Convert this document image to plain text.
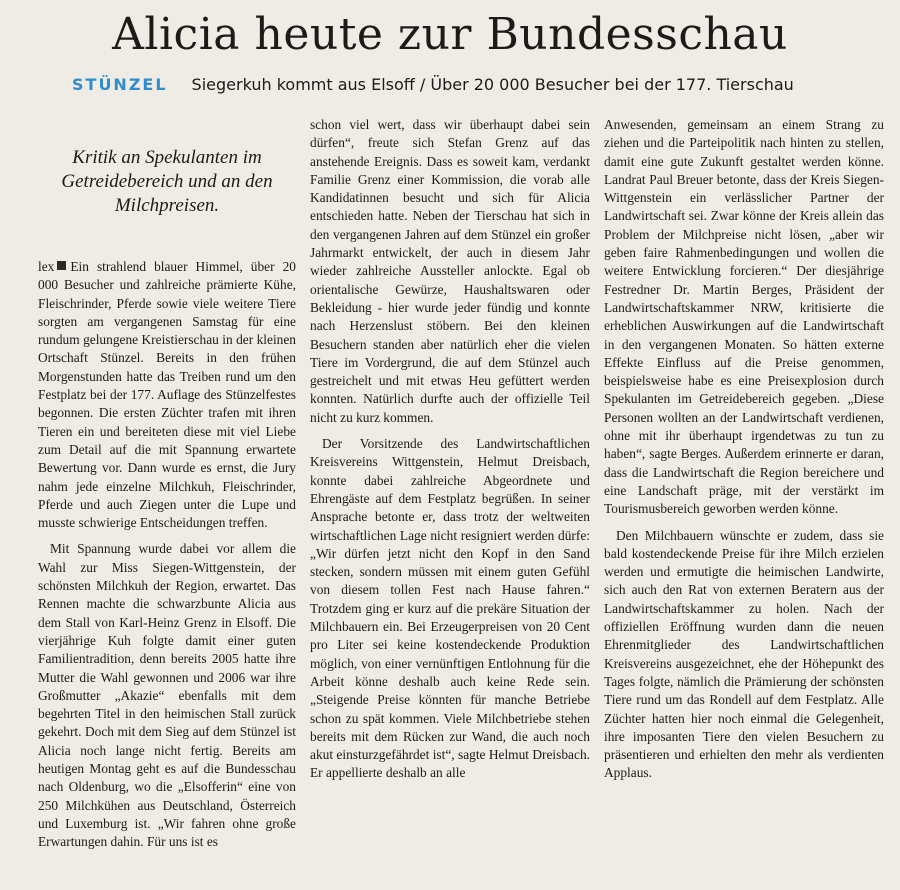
Alicia heute zur Bundesschau
STÜNZEL Siegerkuh kommt aus Elsoff / Über 20 000 Besucher bei der 177. Tierschau
Kritik an Spekulanten im Getreidebereich und an den Milchpreisen.

lex Ein strahlend blauer Himmel, über 20 000 Besucher und zahlreiche prämierte Kühe, Fleischrinder, Pferde sowie viele weitere Tiere sorgten am vergangenen Samstag für eine rundum gelungene Kreistierschau in der kleinen Ortschaft Stünzel. Bereits in den frühen Morgenstunden hatte das Treiben rund um den Festplatz bei der 177. Auflage des Stünzelfestes begonnen. Die ersten Züchter trafen mit ihren Tieren ein und bereiteten diese mit viel Liebe zum Detail auf die mit Spannung erwartete Bewertung vor. Dann wurde es ernst, die Jury nahm jede einzelne Milchkuh, Fleischrinder, Pferde und auch Ziegen unter die Lupe und musste schwierige Entscheidungen treffen.

Mit Spannung wurde dabei vor allem die Wahl zur Miss Siegen-Wittgenstein, der schönsten Milchkuh der Region, erwartet. Das Rennen machte die schwarzbunte Alicia aus dem Stall von Karl-Heinz Grenz in Elsoff. Die vierjährige Kuh folgte damit einer guten Familientradition, denn bereits 2005 hatte ihre Mutter die Wahl gewonnen und 2006 war ihre Großmutter „Akazie“ ebenfalls mit dem begehrten Titel in den heimischen Stall zurück gekehrt. Doch mit dem Sieg auf dem Stünzel ist Alicia noch lange nicht fertig. Bereits am heutigen Montag geht es auf die Bundesschau nach Oldenburg, wo die „Elsofferin“ eine von 250 Milchkühen aus Deutschland, Österreich und Luxemburg ist. „Wir fahren ohne große Erwartungen dahin. Für uns ist es

schon viel wert, dass wir überhaupt dabei sein dürfen“, freute sich Stefan Grenz auf das anstehende Ereignis. Dass es soweit kam, verdankt Familie Grenz einer Kommission, die vorab alle Kandidatinnen besucht und sich für Alicia entschieden hatte. Neben der Tierschau hat sich in den vergangenen Jahren auf dem Stünzel ein großer Jahrmarkt entwickelt, der auch in diesem Jahr wieder zahlreiche Aussteller anlockte. Egal ob orientalische Gewürze, Haushaltswaren oder Bekleidung - hier wurde jeder fündig und konnte nach Herzenslust stöbern. Bei den kleinen Besuchern standen aber natürlich eher die vielen Tiere im Vordergrund, die auf dem Stünzel auch gestreichelt und mit etwas Heu gefüttert werden konnten. Natürlich durfte auch der offizielle Teil nicht zu kurz kommen.

Der Vorsitzende des Landwirtschaftlichen Kreisvereins Wittgenstein, Helmut Dreisbach, konnte dabei zahlreiche Abgeordnete und Ehrengäste auf dem Festplatz begrüßen. In seiner Ansprache betonte er, dass trotz der weltweiten wirtschaftlichen Lage nicht resigniert werden dürfe: „Wir dürfen jetzt nicht den Kopf in den Sand stecken, sondern müssen mit einem guten Gefühl von diesem tollen Fest nach Hause fahren.“ Trotzdem ging er kurz auf die prekäre Situation der Milchbauern ein. Bei Erzeugerpreisen von 20 Cent pro Liter sei keine kostendeckende Produktion möglich, von einer vernünftigen Entlohnung für die Arbeit könne deshalb auch keine Rede sein. „Steigende Preise könnten für manche Betriebe schon zu spät kommen. Viele Milchbetriebe stehen bereits mit dem Rücken zur Wand, die auch noch akut einsturzgefährdet ist“, sagte Helmut Dreisbach. Er appellierte deshalb an alle

Anwesenden, gemeinsam an einem Strang zu ziehen und die Parteipolitik nach hinten zu stellen, damit eine gute Zukunft gestaltet werden könne. Landrat Paul Breuer betonte, dass der Kreis Siegen-Wittgenstein ein verlässlicher Partner der Landwirtschaft sei. Zwar könne der Kreis allein das Problem der Milchpreise nicht lösen, „aber wir geben faire Rahmenbedingungen und wollen die weitere Entwicklung forcieren.“ Der diesjährige Festredner Dr. Martin Berges, Präsident der Landwirtschaftskammer NRW, kritisierte die erheblichen Auswirkungen auf die Landwirtschaft in den vergangenen Monaten. So hätten externe Effekte Einfluss auf die Preise genommen, beispielsweise habe es eine Preisexplosion durch Spekulanten im Getreidebereich gegeben. „Diese Personen wollten an der Landwirtschaft verdienen, ohne mit ihr überhaupt irgendetwas zu tun zu haben“, sagte Berges. Außerdem erinnerte er daran, dass die Landwirtschaft die Region bereichere und eine Landschaft präge, mit der verstärkt im Tourismusbereich geworben werden könne.

Den Milchbauern wünschte er zudem, dass sie bald kostendeckende Preise für ihre Milch erzielen werden und ermutigte die heimischen Landwirte, sich auch den Rat von externen Beratern aus der Landwirtschaftskammer zu holen. Nach der offiziellen Eröffnung wurden dann die neuen Ehrenmitglieder des Landwirtschaftlichen Kreisvereins ausgezeichnet, ehe der Höhepunkt des Tages folgte, nämlich die Prämierung der schönsten Tiere rund um das Rondell auf dem Festplatz. Alle Züchter hatten hier noch einmal die Gelegenheit, ihre imposanten Tiere den vielen Besuchern zu präsentieren und erhielten den mehr als verdienten Applaus.
